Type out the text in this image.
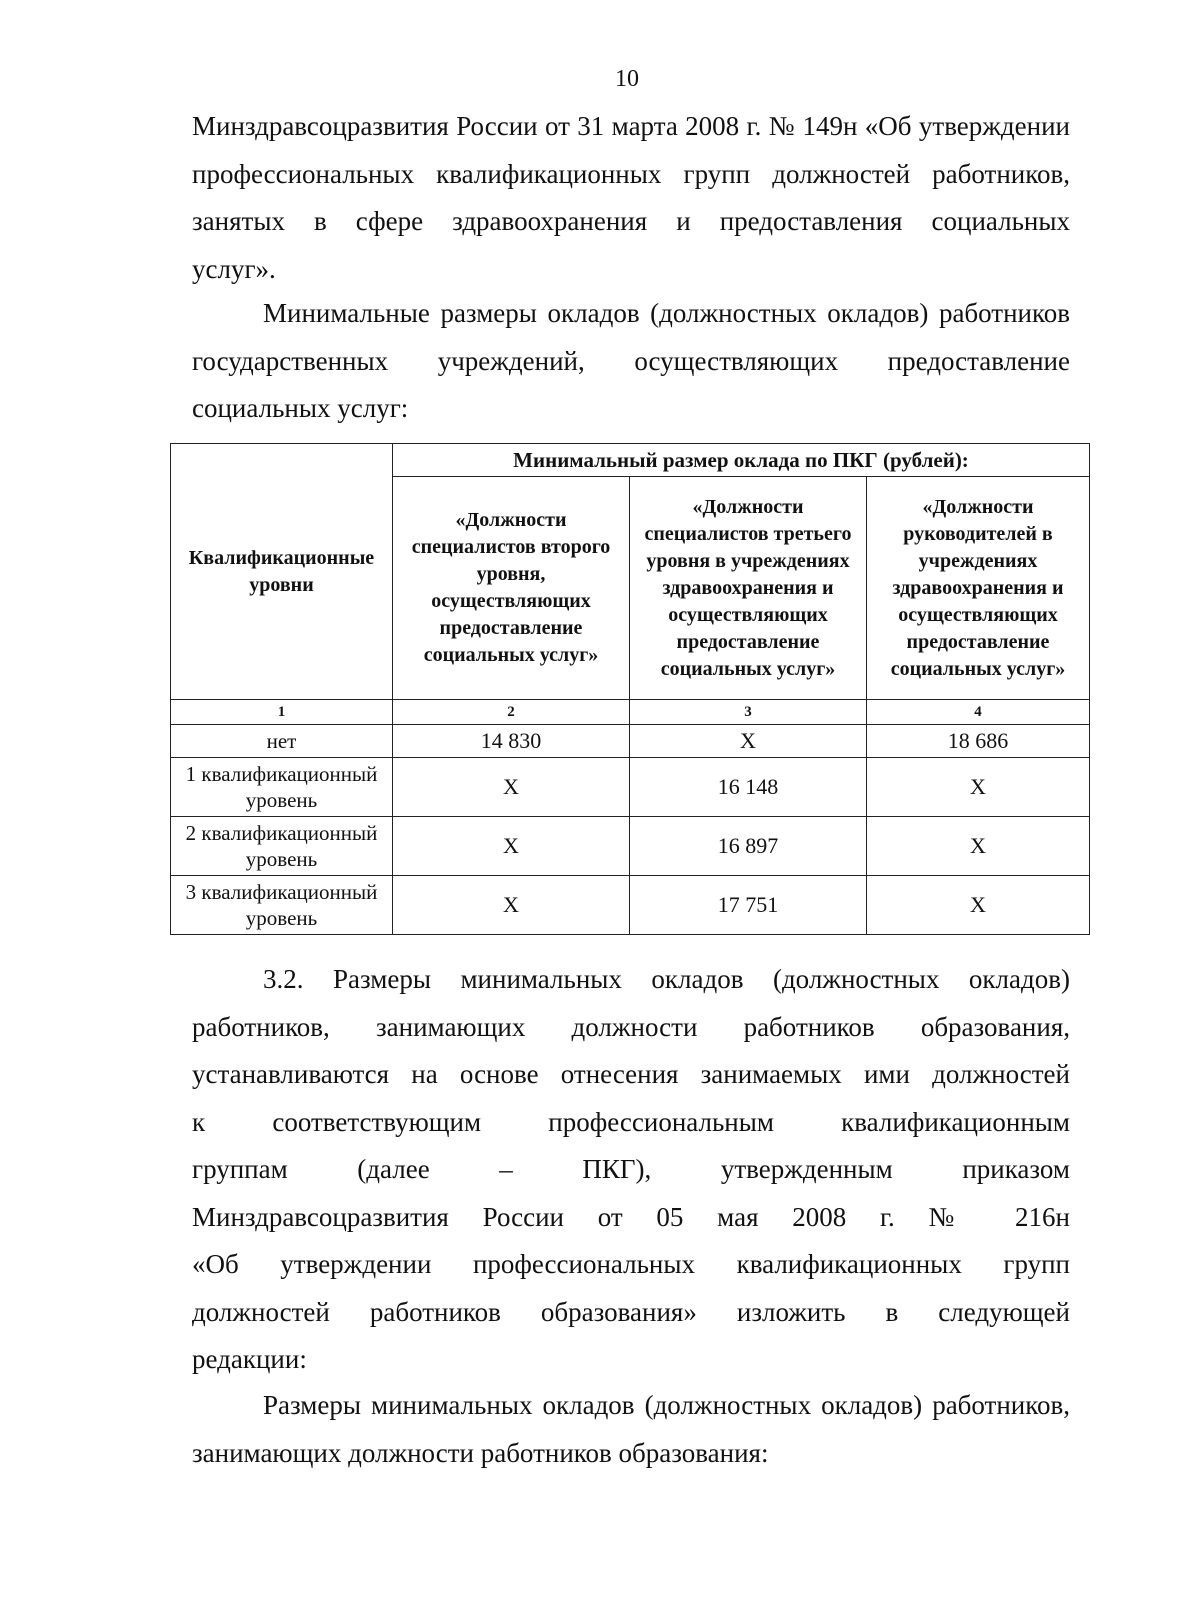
10
Минздравсоцразвития России от 31 марта 2008 г. № 149н «Об утверждении
профессиональных квалификационных групп должностей работников,
занятых в сфере здравоохранения и предоставления социальных
услуг».
Минимальные размеры окладов (должностных окладов) работников
государственных учреждений, осуществляющих предоставление
социальных услуг:
Квалификационные уровни	Минимальный размер оклада по ПКГ (рублей):		
	«Должности специалистов второго уровня, осуществляющих предоставление социальных услуг»	«Должности специалистов третьего уровня в учреждениях здравоохранения и осуществляющих предоставление социальных услуг»	«Должности руководителей в учреждениях здравоохранения и осуществляющих предоставление социальных услуг»
1	2	3	4
нет	14 830	Х	18 686
1 квалификационный уровень	Х	16 148	Х
2 квалификационный уровень	Х	16 897	Х
3 квалификационный уровень	Х	17 751	Х
3.2. Размеры минимальных окладов (должностных окладов)
работников, занимающих должности работников образования,
устанавливаются на основе отнесения занимаемых ими должностей
к соответствующим профессиональным квалификационным
группам (далее – ПКГ), утвержденным приказом
Минздравсоцразвития России от 05 мая 2008 г. № 216н
«Об утверждении профессиональных квалификационных групп
должностей работников образования» изложить в следующей
редакции:
Размеры минимальных окладов (должностных окладов) работников,
занимающих должности работников образования:
